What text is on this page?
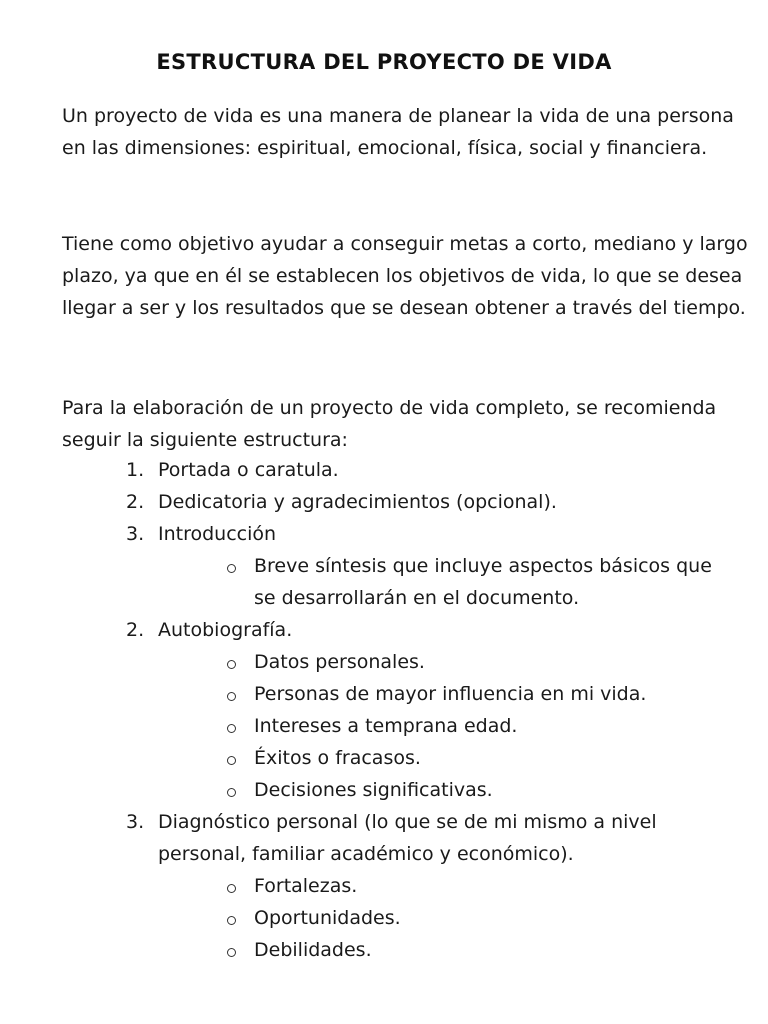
ESTRUCTURA DEL PROYECTO DE VIDA

Un proyecto de vida es una manera de planear la vida de una persona en las dimensiones: espiritual, emocional, física, social y financiera.

Tiene como objetivo ayudar a conseguir metas a corto, mediano y largo plazo, ya que en él se establecen los objetivos de vida, lo que se desea llegar a ser y los resultados que se desean obtener a través del tiempo.

Para la elaboración de un proyecto de vida completo, se recomienda seguir la siguiente estructura:

1. Portada o caratula.
2. Dedicatoria y agradecimientos (opcional).
3. Introducción
Breve síntesis que incluye aspectos básicos que se desarrollarán en el documento.
2. Autobiografía.
Datos personales.
Personas de mayor influencia en mi vida.
Intereses a temprana edad.
Éxitos o fracasos.
Decisiones significativas.
3. Diagnóstico personal (lo que se de mi mismo a nivel personal, familiar académico y económico).
Fortalezas.
Oportunidades.
Debilidades.
